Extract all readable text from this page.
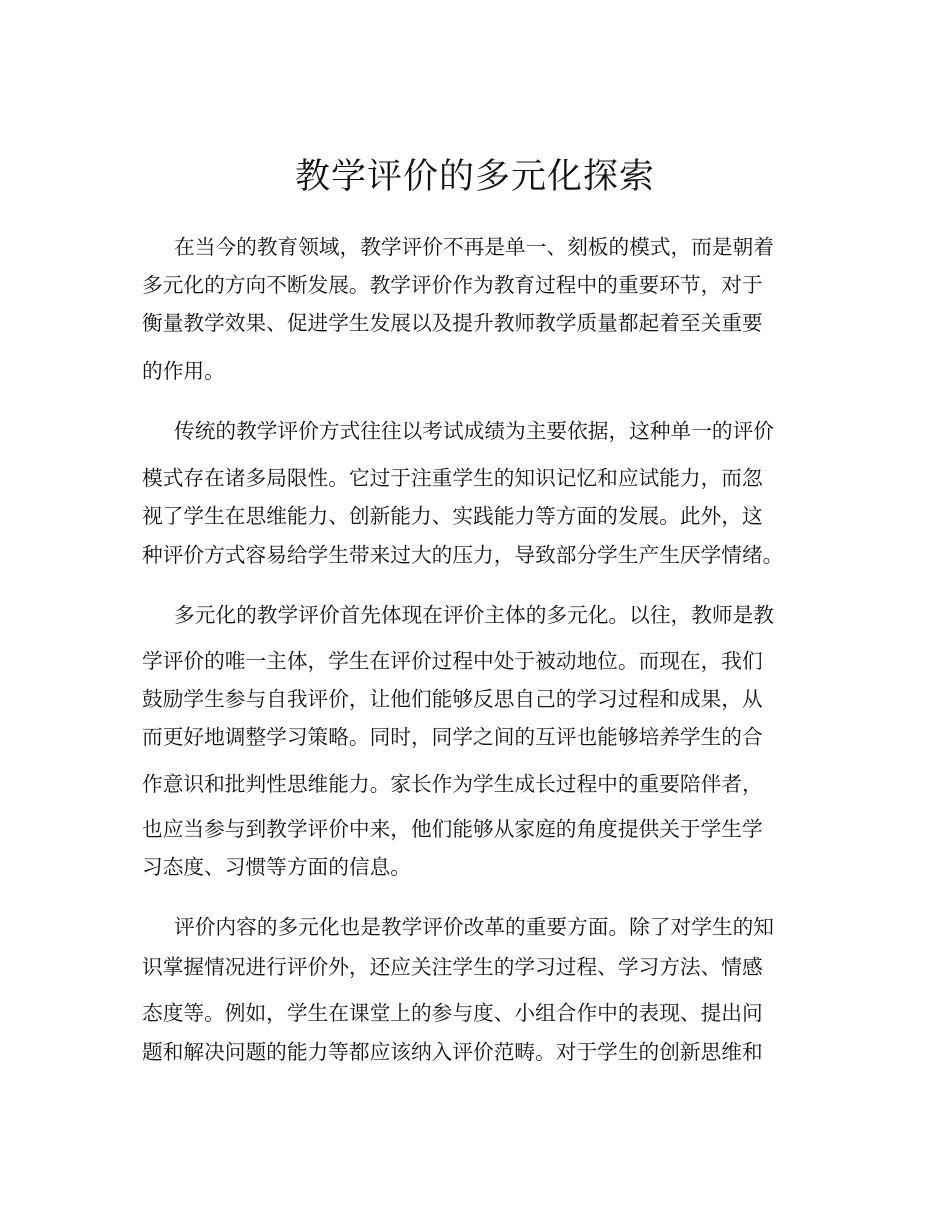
教学评价的多元化探索
在当今的教育领域，教学评价不再是单一、刻板的模式，而是朝着
多元化的方向不断发展。教学评价作为教育过程中的重要环节，对于
衡量教学效果、促进学生发展以及提升教师教学质量都起着至关重要
的作用。
传统的教学评价方式往往以考试成绩为主要依据，这种单一的评价
模式存在诸多局限性。它过于注重学生的知识记忆和应试能力，而忽
视了学生在思维能力、创新能力、实践能力等方面的发展。此外，这
种评价方式容易给学生带来过大的压力，导致部分学生产生厌学情绪。
多元化的教学评价首先体现在评价主体的多元化。以往，教师是教
学评价的唯一主体，学生在评价过程中处于被动地位。而现在，我们
鼓励学生参与自我评价，让他们能够反思自己的学习过程和成果，从
而更好地调整学习策略。同时，同学之间的互评也能够培养学生的合
作意识和批判性思维能力。家长作为学生成长过程中的重要陪伴者，
也应当参与到教学评价中来，他们能够从家庭的角度提供关于学生学
习态度、习惯等方面的信息。
评价内容的多元化也是教学评价改革的重要方面。除了对学生的知
识掌握情况进行评价外，还应关注学生的学习过程、学习方法、情感
态度等。例如，学生在课堂上的参与度、小组合作中的表现、提出问
题和解决问题的能力等都应该纳入评价范畴。对于学生的创新思维和
